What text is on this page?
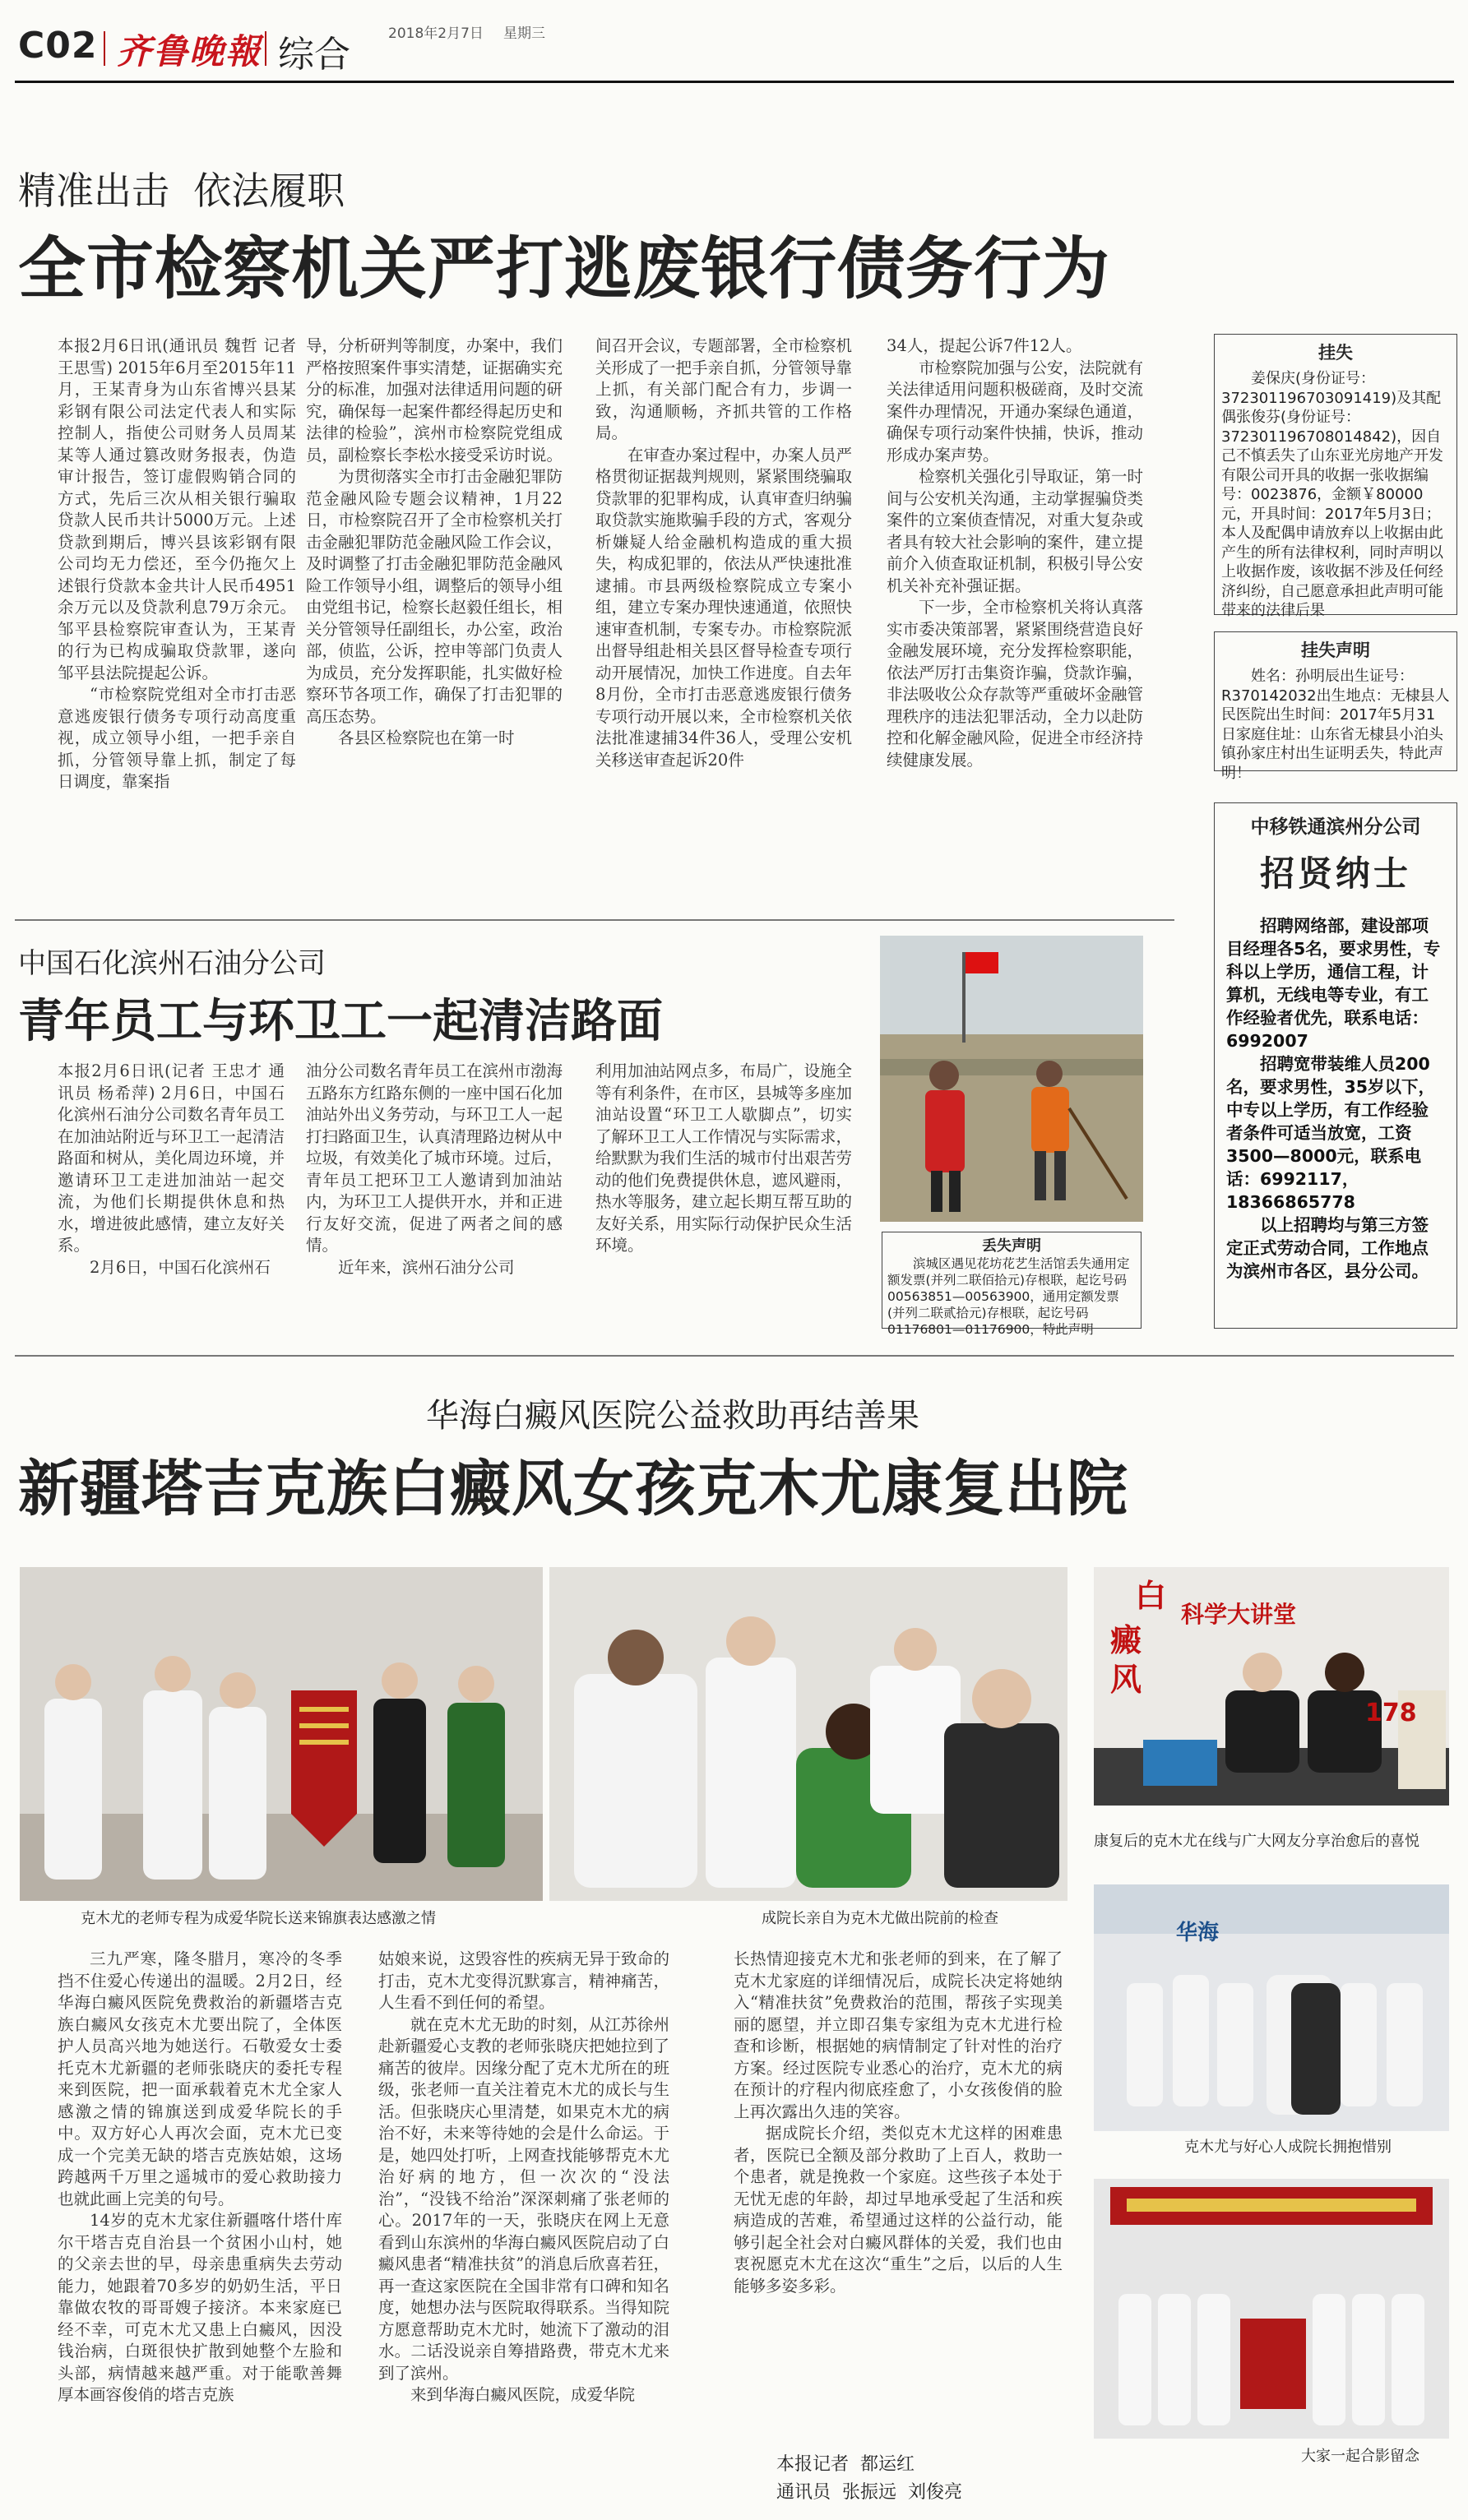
C02 齐鲁晚報 综合	2018年2月7日 星期三
精准出击  依法履职
全市检察机关严打逃废银行债务行为

本报2月6日讯(通讯员 魏哲 记者 王思雪) 2015年6月至2015年11月，王某青身为山东省博兴县某彩钢有限公司法定代表人和实际控制人，指使公司财务人员周某某等人通过篡改财务报表，伪造审计报告，签订虚假购销合同的方式，先后三次从相关银行骗取贷款人民币共计5000万元。上述贷款到期后，博兴县该彩钢有限公司均无力偿还，至今仍拖欠上述银行贷款本金共计人民币4951余万元以及贷款利息79万余元。邹平县检察院审查认为，王某青的行为已构成骗取贷款罪，遂向邹平县法院提起公诉。

“市检察院党组对全市打击恶意逃废银行债务专项行动高度重视，成立领导小组，一把手亲自抓，分管领导靠上抓，制定了每日调度，靠案指

导，分析研判等制度，办案中，我们严格按照案件事实清楚，证据确实充分的标准，加强对法律适用问题的研究，确保每一起案件都经得起历史和法律的检验”，滨州市检察院党组成员，副检察长李松水接受采访时说。

为贯彻落实全市打击金融犯罪防范金融风险专题会议精神，1月22日，市检察院召开了全市检察机关打击金融犯罪防范金融风险工作会议，及时调整了打击金融犯罪防范金融风险工作领导小组，调整后的领导小组由党组书记，检察长赵毅任组长，相关分管领导任副组长，办公室，政治部，侦监，公诉，控申等部门负责人为成员，充分发挥职能，扎实做好检察环节各项工作，确保了打击犯罪的高压态势。

各县区检察院也在第一时

间召开会议，专题部署，全市检察机关形成了一把手亲自抓，分管领导靠上抓，有关部门配合有力，步调一致，沟通顺畅，齐抓共管的工作格局。

在审查办案过程中，办案人员严格贯彻证据裁判规则，紧紧围绕骗取贷款罪的犯罪构成，认真审查归纳骗取贷款实施欺骗手段的方式，客观分析嫌疑人给金融机构造成的重大损失，构成犯罪的，依法从严快速批准逮捕。市县两级检察院成立专案小组，建立专案办理快速通道，依照快速审查机制，专案专办。市检察院派出督导组赴相关县区督导检查专项行动开展情况，加快工作进度。自去年8月份，全市打击恶意逃废银行债务专项行动开展以来，全市检察机关依法批准逮捕34件36人，受理公安机关移送审查起诉20件

34人，提起公诉7件12人。

市检察院加强与公安，法院就有关法律适用问题积极磋商，及时交流案件办理情况，开通办案绿色通道，确保专项行动案件快捕，快诉，推动形成办案声势。

检察机关强化引导取证，第一时间与公安机关沟通，主动掌握骗贷类案件的立案侦查情况，对重大复杂或者具有较大社会影响的案件，建立提前介入侦查取证机制，积极引导公安机关补充补强证据。

下一步，全市检察机关将认真落实市委决策部署，紧紧围绕营造良好金融发展环境，充分发挥检察职能，依法严厉打击集资诈骗，贷款诈骗，非法吸收公众存款等严重破坏金融管理秩序的违法犯罪活动，全力以赴防控和化解金融风险，促进全市经济持续健康发展。

挂失
姜保庆(身份证号：372301196703091419)及其配偶张俊芬(身份证号：372301196708014842)，因自己不慎丢失了山东亚光房地产开发有限公司开具的收据一张收据编号：0023876，金额￥80000元，开具时间：2017年5月3日；本人及配偶申请放弃以上收据由此产生的所有法律权利，同时声明以上收据作废，该收据不涉及任何经济纠纷，自己愿意承担此声明可能带来的法律后果
挂失声明
姓名：孙明辰出生证号：R370142032出生地点：无棣县人民医院出生时间：2017年5月31日家庭住址：山东省无棣县小泊头镇孙家庄村出生证明丢失，特此声明！
中移铁通滨州分公司
招贤纳士
招聘网络部，建设部项目经理各5名，要求男性，专科以上学历，通信工程，计算机，无线电等专业，有工作经验者优先，联系电话：6992007
招聘宽带装维人员200名，要求男性，35岁以下，中专以上学历，有工作经验者条件可适当放宽，工资3500—8000元，联系电话：6992117，18366865778
以上招聘均与第三方签定正式劳动合同，工作地点为滨州市各区，县分公司。
中国石化滨州石油分公司
青年员工与环卫工一起清洁路面

本报2月6日讯(记者 王忠才 通讯员 杨希萍) 2月6日，中国石化滨州石油分公司数名青年员工在加油站附近与环卫工一起清洁路面和树从，美化周边环境，并邀请环卫工走进加油站一起交流，为他们长期提供休息和热水，增进彼此感情，建立友好关系。

2月6日，中国石化滨州石

油分公司数名青年员工在滨州市渤海五路东方红路东侧的一座中国石化加油站外出义务劳动，与环卫工人一起打扫路面卫生，认真清理路边树从中垃圾，有效美化了城市环境。过后，青年员工把环卫工人邀请到加油站内，为环卫工人提供开水，并和正进行友好交流，促进了两者之间的感情。

近年来，滨州石油分公司

利用加油站网点多，布局广，设施全等有利条件，在市区，县城等多座加油站设置“环卫工人歇脚点”，切实了解环卫工人工作情况与实际需求，给默默为我们生活的城市付出艰苦劳动的他们免费提供休息，遮风避雨，热水等服务，建立起长期互帮互助的友好关系，用实际行动保护民众生活环境。	丢失声明
滨城区遇见花坊花艺生活馆丢失通用定额发票(并列二联佰拾元)存根联，起讫号码00563851—00563900，通用定额发票(并列二联贰拾元)存根联，起讫号码01176801—01176900，特此声明
华海白癜风医院公益救助再结善果
新疆塔吉克族白癜风女孩克木尤康复出院
克木尤的老师专程为成爱华院长送来锦旗表达感激之情	成院长亲自为克木尤做出院前的检查
白
癜
风
科学大讲堂
178
康复后的克木尤在线与广大网友分享治愈后的喜悦
华海
克木尤与好心人成院长拥抱惜别
大家一起合影留念

三九严寒，隆冬腊月，寒冷的冬季挡不住爱心传递出的温暖。2月2日，经华海白癜风医院免费救治的新疆塔吉克族白癜风女孩克木尤要出院了，全体医护人员高兴地为她送行。石敬爱女士委托克木尤新疆的老师张晓庆的委托专程来到医院，把一面承载着克木尤全家人感激之情的锦旗送到成爱华院长的手中。双方好心人再次会面，克木尤已变成一个完美无缺的塔吉克族姑娘，这场跨越两千万里之遥城市的爱心救助接力也就此画上完美的句号。

14岁的克木尤家住新疆喀什塔什库尔干塔吉克自治县一个贫困小山村，她的父亲去世的早，母亲患重病失去劳动能力，她跟着70多岁的奶奶生活，平日靠做农牧的哥哥嫂子接济。本来家庭已经不幸，可克木尤又患上白癜风，因没钱治病，白斑很快扩散到她整个左脸和头部，病情越来越严重。对于能歌善舞厚本画容俊俏的塔吉克族

姑娘来说，这毁容性的疾病无异于致命的打击，克木尤变得沉默寡言，精神痛苦，人生看不到任何的希望。

就在克木尤无助的时刻，从江苏徐州赴新疆爱心支教的老师张晓庆把她拉到了痛苦的彼岸。因缘分配了克木尤所在的班级，张老师一直关注着克木尤的成长与生活。但张晓庆心里清楚，如果克木尤的病治不好，未来等待她的会是什么命运。于是，她四处打听，上网查找能够帮克木尤治好病的地方，但一次次的“没法治”，“没钱不给治”深深刺痛了张老师的心。2017年的一天，张晓庆在网上无意看到山东滨州的华海白癜风医院启动了白癜风患者“精准扶贫”的消息后欣喜若狂，再一查这家医院在全国非常有口碑和知名度，她想办法与医院取得联系。当得知院方愿意帮助克木尤时，她流下了激动的泪水。二话没说亲自筹措路费，带克木尤来到了滨州。

来到华海白癜风医院，成爱华院

长热情迎接克木尤和张老师的到来，在了解了克木尤家庭的详细情况后，成院长决定将她纳入“精准扶贫”免费救治的范围，帮孩子实现美丽的愿望，并立即召集专家组为克木尤进行检查和诊断，根据她的病情制定了针对性的治疗方案。经过医院专业悉心的治疗，克木尤的病在预计的疗程内彻底痊愈了，小女孩俊俏的脸上再次露出久违的笑容。

据成院长介绍，类似克木尤这样的困难患者，医院已全额及部分救助了上百人，救助一个患者，就是挽救一个家庭。这些孩子本处于无忧无虑的年龄，却过早地承受起了生活和疾病造成的苦难，希望通过这样的公益行动，能够引起全社会对白癜风群体的关爱，我们也由衷祝愿克木尤在这次“重生”之后，以后的人生能够多姿多彩。

本报记者  都运红
通讯员  张振远  刘俊亮
